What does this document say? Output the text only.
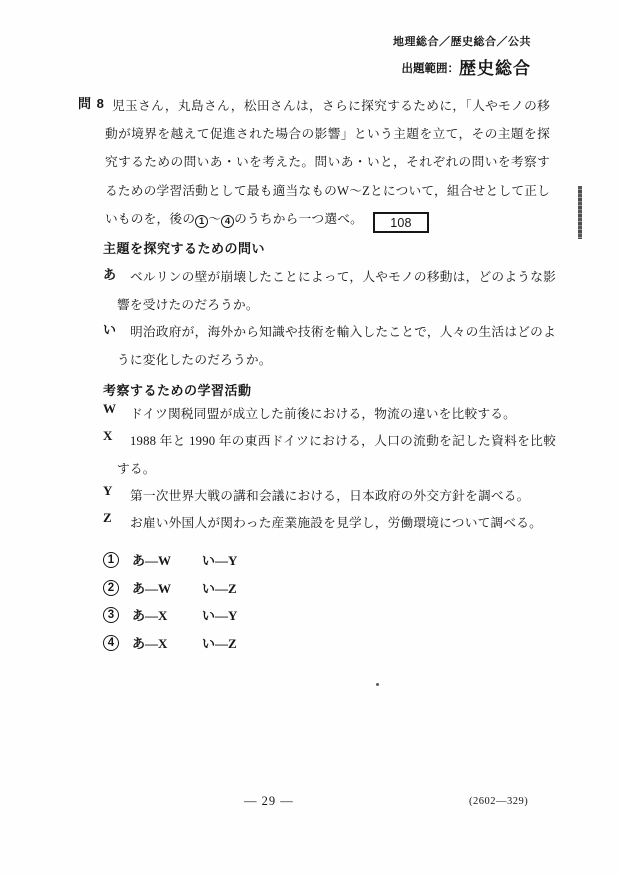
地理総合／歴史総合／公共
出題範囲：歴史総合
問 8 児玉さん，丸島さん，松田さんは，さらに探究するために，「人やモノの移動が境界を越えて促進された場合の影響」という主題を立て，その主題を探究するための問いあ・いを考えた。問いあ・いと，それぞれの問いを考察するための学習活動として最も適当なものW～Zとについて，組合せとして正しいものを，後の 1 ～ 4 のうちから一つ選べ。 108

主題を探究するための問い
あ	ベルリンの壁が崩壊したことによって，人やモノの移動は，どのような影響を受けたのだろうか。

い	明治政府が，海外から知識や技術を輸入したことで，人々の生活はどのように変化したのだろうか。

考察するための学習活動
W	ドイツ関税同盟が成立した前後における，物流の違いを比較する。

X	1988 年と 1990 年の東西ドイツにおける，人口の流動を記した資料を比較する。

Y	第一次世界大戦の講和会議における，日本政府の外交方針を調べる。

Z	お雇い外国人が関わった産業施設を見学し，労働環境について調べる。

1	あ―W	い―Y
2	あ―W	い―Z
3	あ―X	い―Y
4	あ―X	い―Z
— 29 —	(2602—329)
